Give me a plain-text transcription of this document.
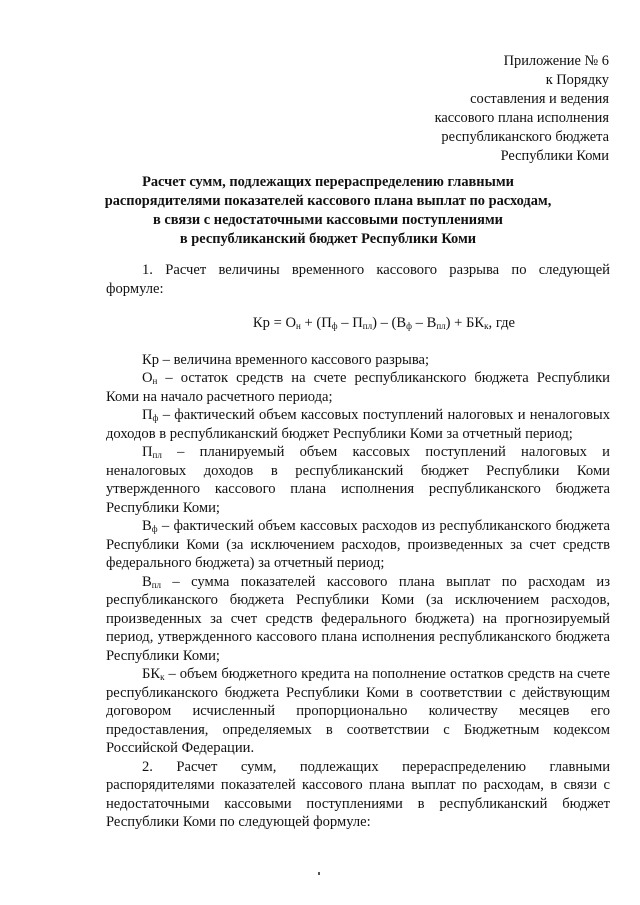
Приложение № 6
к Порядку
составления и ведения
кассового плана исполнения
республиканского бюджета
Республики Коми
Расчет сумм, подлежащих перераспределению главными
распорядителями показателей кассового плана выплат по расходам,
в связи с недостаточными кассовыми поступлениями
в республиканский бюджет Республики Коми

1. Расчет величины временного кассового разрыва по следующей формуле:

Кр = $О_н + (П_ф - П_{пл}) - (В_ф - В_{пл}) + БК_к$, где

Кр – величина временного кассового разрыва;

$О_н$ – остаток средств на счете республиканского бюджета Республики Коми на начало расчетного периода;

$П_ф$ – фактический объем кассовых поступлений налоговых и неналоговых доходов в республиканский бюджет Республики Коми за отчетный период;

$П_{пл}$ – планируемый объем кассовых поступлений налоговых и неналоговых доходов в республиканский бюджет Республики Коми утвержденного кассового плана исполнения республиканского бюджета Республики Коми;

$В_ф$ – фактический объем кассовых расходов из республиканского бюджета Республики Коми (за исключением расходов, произведенных за счет средств федерального бюджета) за отчетный период;

$В_{пл}$ – сумма показателей кассового плана выплат по расходам из республиканского бюджета Республики Коми (за исключением расходов, произведенных за счет средств федерального бюджета) на прогнозируемый период, утвержденного кассового плана исполнения республиканского бюджета Республики Коми;

$БК_к$ – объем бюджетного кредита на пополнение остатков средств на счете республиканского бюджета Республики Коми в соответствии с действующим договором исчисленный пропорционально количеству месяцев его предоставления, определяемых в соответствии с Бюджетным кодексом Российской Федерации.

2. Расчет сумм, подлежащих перераспределению главными распорядителями показателей кассового плана выплат по расходам, в связи с недостаточными кассовыми поступлениями в республиканский бюджет Республики Коми по следующей формуле:
